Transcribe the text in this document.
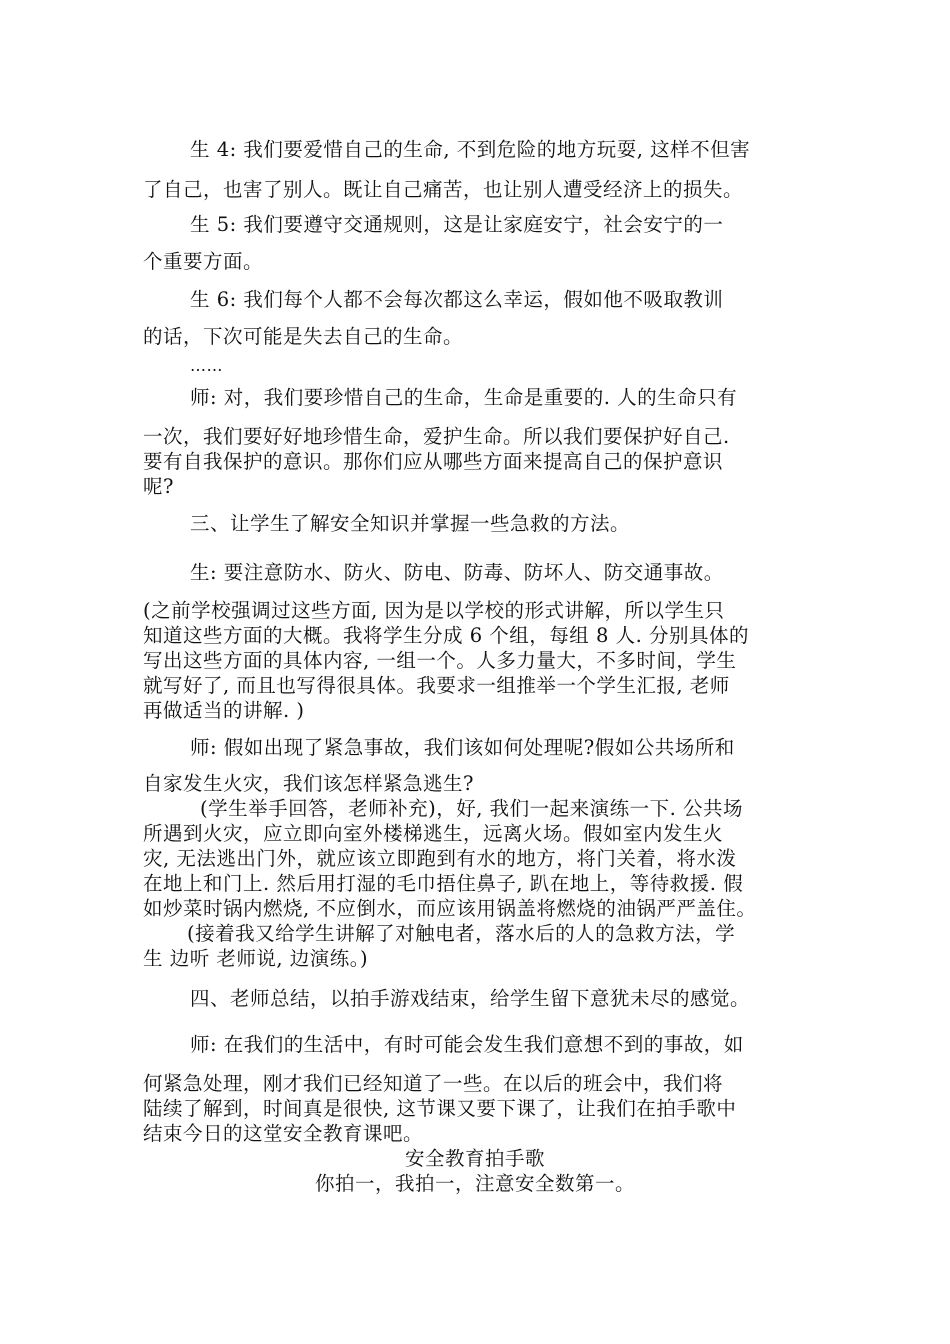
生 4: 我们要爱惜自己的生命, 不到危险的地方玩耍, 这样不但害
了自己，也害了别人。既让自己痛苦，也让别人遭受经济上的损失。
生 5: 我们要遵守交通规则，这是让家庭安宁，社会安宁的一
个重要方面。
生 6: 我们每个人都不会每次都这么幸运，假如他不吸取教训
的话，下次可能是失去自己的生命。
……
师: 对，我们要珍惜自己的生命，生命是重要的. 人的生命只有
一次，我们要好好地珍惜生命，爱护生命。所以我们要保护好自己.
要有自我保护的意识。那你们应从哪些方面来提高自己的保护意识
呢?
三、让学生了解安全知识并掌握一些急救的方法。
生: 要注意防水、防火、防电、防毒、防坏人、防交通事故。
(之前学校强调过这些方面, 因为是以学校的形式讲解，所以学生只
知道这些方面的大概。我将学生分成 6 个组，每组 8 人. 分别具体的
写出这些方面的具体内容, 一组一个。人多力量大，不多时间，学生
就写好了, 而且也写得很具体。我要求一组推举一个学生汇报, 老师
再做适当的讲解. )
师: 假如出现了紧急事故，我们该如何处理呢?假如公共场所和
自家发生火灾，我们该怎样紧急逃生?
(学生举手回答，老师补充)，好, 我们一起来演练一下. 公共场
所遇到火灾，应立即向室外楼梯逃生，远离火场。假如室内发生火
灾, 无法逃出门外，就应该立即跑到有水的地方，将门关着，将水泼
在地上和门上. 然后用打湿的毛巾捂住鼻子, 趴在地上，等待救援. 假
如炒菜时锅内燃烧, 不应倒水，而应该用锅盖将燃烧的油锅严严盖住。
(接着我又给学生讲解了对触电者，落水后的人的急救方法，学
生 边听 老师说, 边演练。)
四、老师总结，以拍手游戏结束，给学生留下意犹未尽的感觉。
师: 在我们的生活中，有时可能会发生我们意想不到的事故，如
何紧急处理，刚才我们已经知道了一些。在以后的班会中，我们将
陆续了解到，时间真是很快, 这节课又要下课了，让我们在拍手歌中
结束今日的这堂安全教育课吧。
安全教育拍手歌
你拍一，我拍一，注意安全数第一。
